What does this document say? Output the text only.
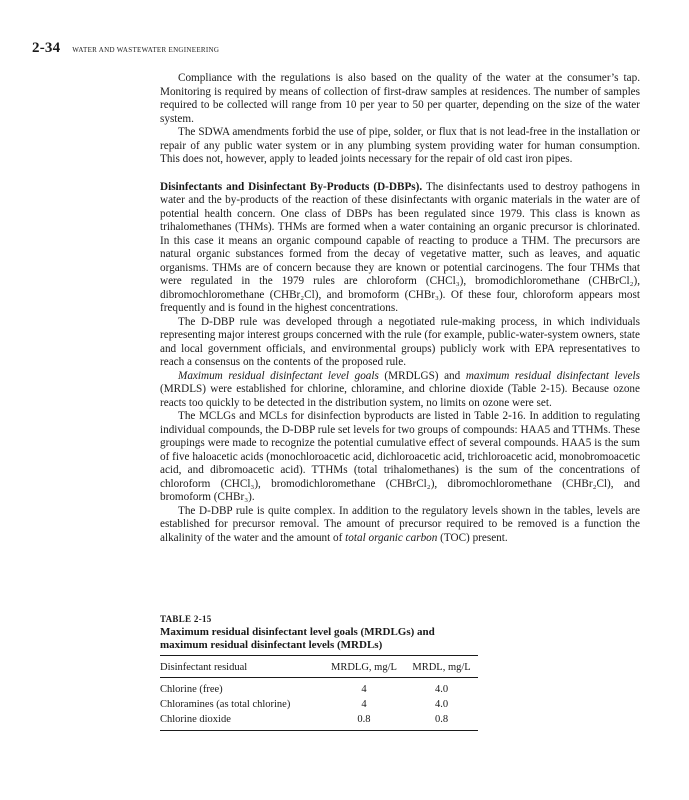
2-34 WATER AND WASTEWATER ENGINEERING

Compliance with the regulations is also based on the quality of the water at the consumer’s tap. Monitoring is required by means of collection of first-draw samples at residences. The number of samples required to be collected will range from 10 per year to 50 per quarter, depending on the size of the water system.

The SDWA amendments forbid the use of pipe, solder, or flux that is not lead-free in the installation or repair of any public water system or in any plumbing system providing water for human consumption. This does not, however, apply to leaded joints necessary for the repair of old cast iron pipes.

Disinfectants and Disinfectant By-Products (D-DBPs). The disinfectants used to destroy pathogens in water and the by-products of the reaction of these disinfectants with organic materials in the water are of potential health concern. One class of DBPs has been regulated since 1979. This class is known as trihalomethanes (THMs). THMs are formed when a water containing an organic precursor is chlorinated. In this case it means an organic compound capable of reacting to produce a THM. The precursors are natural organic substances formed from the decay of vegetative matter, such as leaves, and aquatic organisms. THMs are of concern because they are known or potential carcinogens. The four THMs that were regulated in the 1979 rules are chloroform (CHCl₃), bromodichloromethane (CHBrCl₂), dibromochloromethane (CHBr₂Cl), and bromoform (CHBr₃). Of these four, chloroform appears most frequently and is found in the highest concentrations.

The D-DBP rule was developed through a negotiated rule-making process, in which individuals representing major interest groups concerned with the rule (for example, public-water-system owners, state and local government officials, and environmental groups) publicly work with EPA representatives to reach a consensus on the contents of the proposed rule.

Maximum residual disinfectant level goals (MRDLGS) and maximum residual disinfectant levels (MRDLS) were established for chlorine, chloramine, and chlorine dioxide (Table 2-15). Because ozone reacts too quickly to be detected in the distribution system, no limits on ozone were set.

The MCLGs and MCLs for disinfection byproducts are listed in Table 2-16. In addition to regulating individual compounds, the D-DBP rule set levels for two groups of compounds: HAA5 and TTHMs. These groupings were made to recognize the potential cumulative effect of several compounds. HAA5 is the sum of five haloacetic acids (monochloroacetic acid, dichloroacetic acid, trichloroacetic acid, monobromoacetic acid, and dibromoacetic acid). TTHMs (total trihalomethanes) is the sum of the concentrations of chloroform (CHCl₃), bromodichloromethane (CHBrCl₂), dibromochloromethane (CHBr₂Cl), and bromoform (CHBr₃).

The D-DBP rule is quite complex. In addition to the regulatory levels shown in the tables, levels are established for precursor removal. The amount of precursor required to be removed is a function the alkalinity of the water and the amount of total organic carbon (TOC) present.

TABLE 2-15
Maximum residual disinfectant level goals (MRDLGs) and maximum residual disinfectant levels (MRDLs)
Disinfectant residual	MRDLG, mg/L	MRDL, mg/L
Chlorine (free)	4	4.0
Chloramines (as total chlorine)	4	4.0
Chlorine dioxide	0.8	0.8
